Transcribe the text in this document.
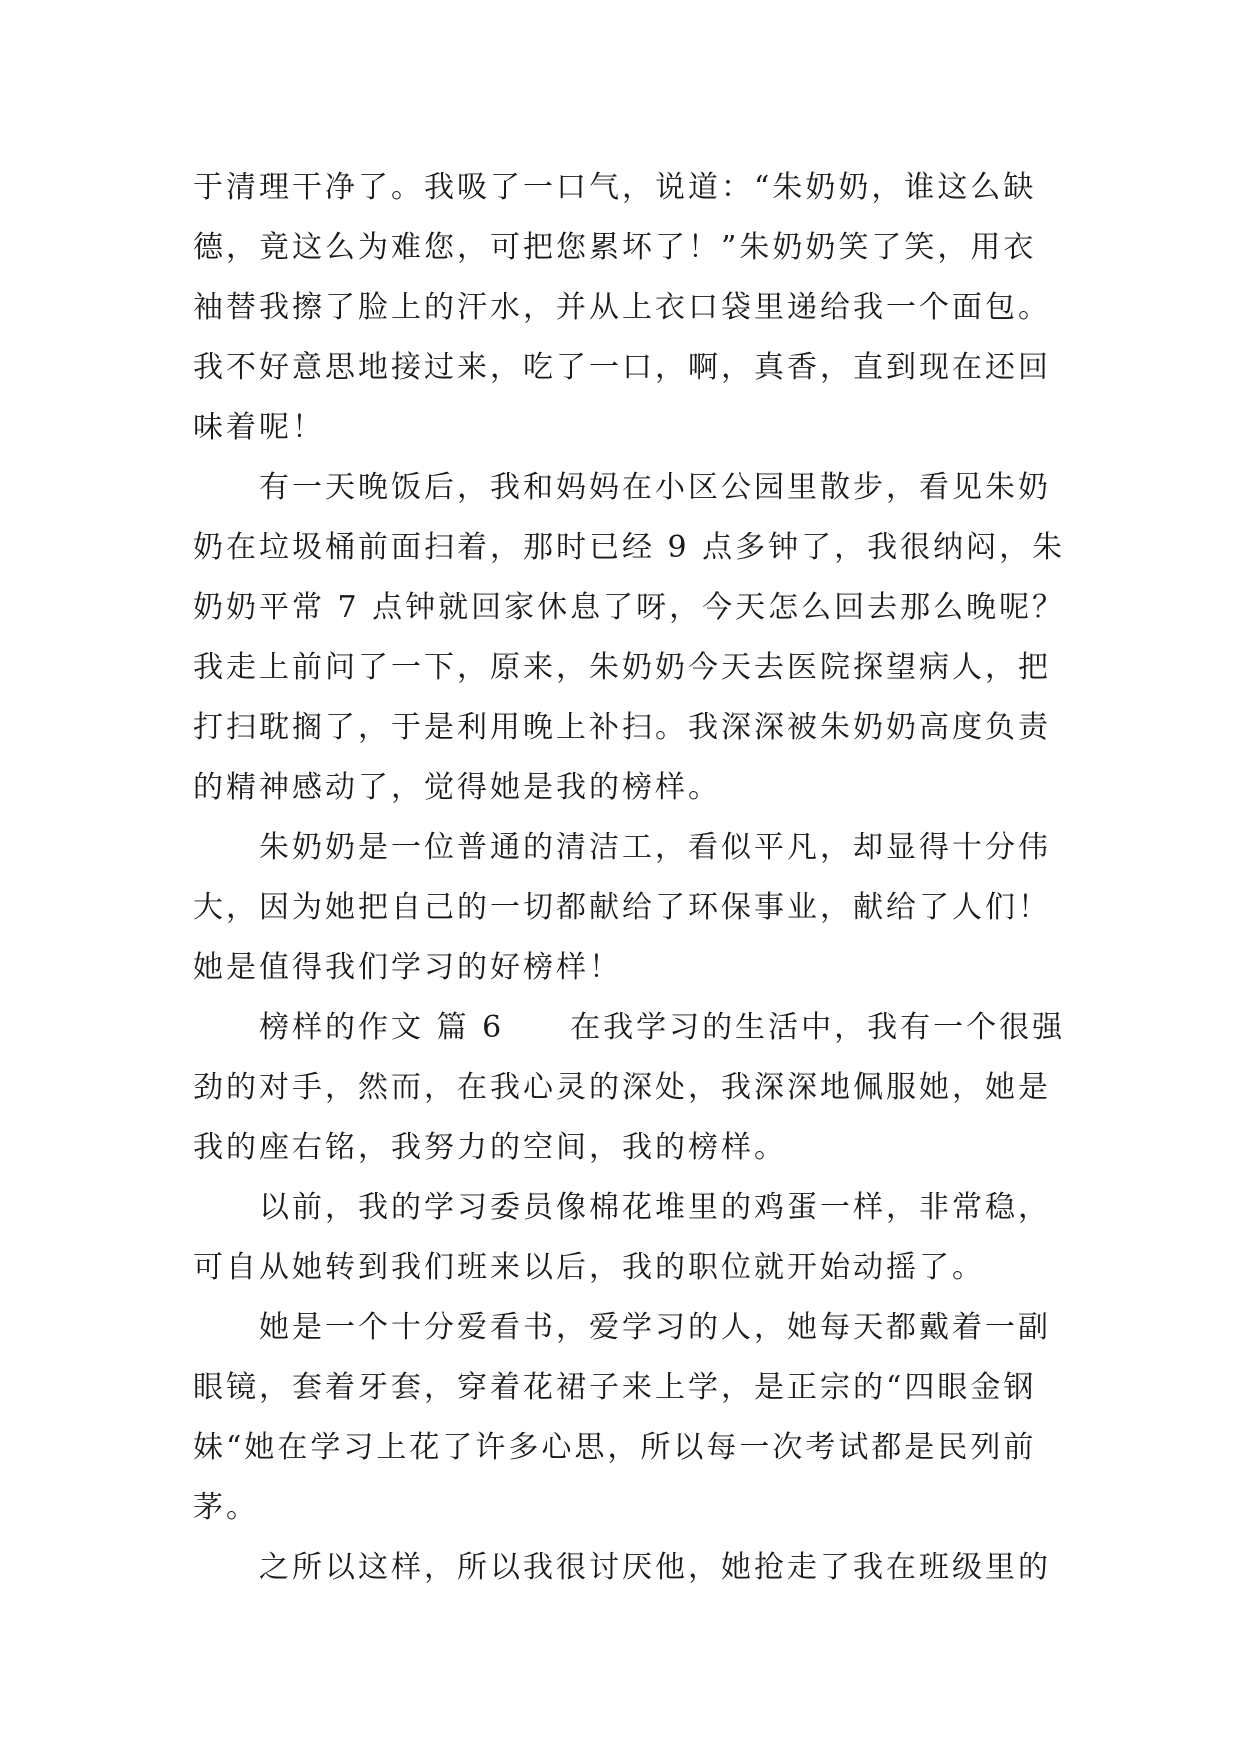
于清理干净了。我吸了一口气，说道：“朱奶奶，谁这么缺
德，竟这么为难您，可把您累坏了！”朱奶奶笑了笑，用衣
袖替我擦了脸上的汗水，并从上衣口袋里递给我一个面包。
我不好意思地接过来，吃了一口，啊，真香，直到现在还回
味着呢！
　　有一天晚饭后，我和妈妈在小区公园里散步，看见朱奶
奶在垃圾桶前面扫着，那时已经 9 点多钟了，我很纳闷，朱
奶奶平常 7 点钟就回家休息了呀，今天怎么回去那么晚呢？
我走上前问了一下，原来，朱奶奶今天去医院探望病人，把
打扫耽搁了，于是利用晚上补扫。我深深被朱奶奶高度负责
的精神感动了，觉得她是我的榜样。
　　朱奶奶是一位普通的清洁工，看似平凡，却显得十分伟
大，因为她把自己的一切都献给了环保事业，献给了人们！
她是值得我们学习的好榜样！
　　榜样的作文 篇 6　　在我学习的生活中，我有一个很强
劲的对手，然而，在我心灵的深处，我深深地佩服她，她是
我的座右铭，我努力的空间，我的榜样。
　　以前，我的学习委员像棉花堆里的鸡蛋一样，非常稳，
可自从她转到我们班来以后，我的职位就开始动摇了。
　　她是一个十分爱看书，爱学习的人，她每天都戴着一副
眼镜，套着牙套，穿着花裙子来上学，是正宗的“四眼金钢
妹“她在学习上花了许多心思，所以每一次考试都是民列前
茅。
　　之所以这样，所以我很讨厌他，她抢走了我在班级里的
